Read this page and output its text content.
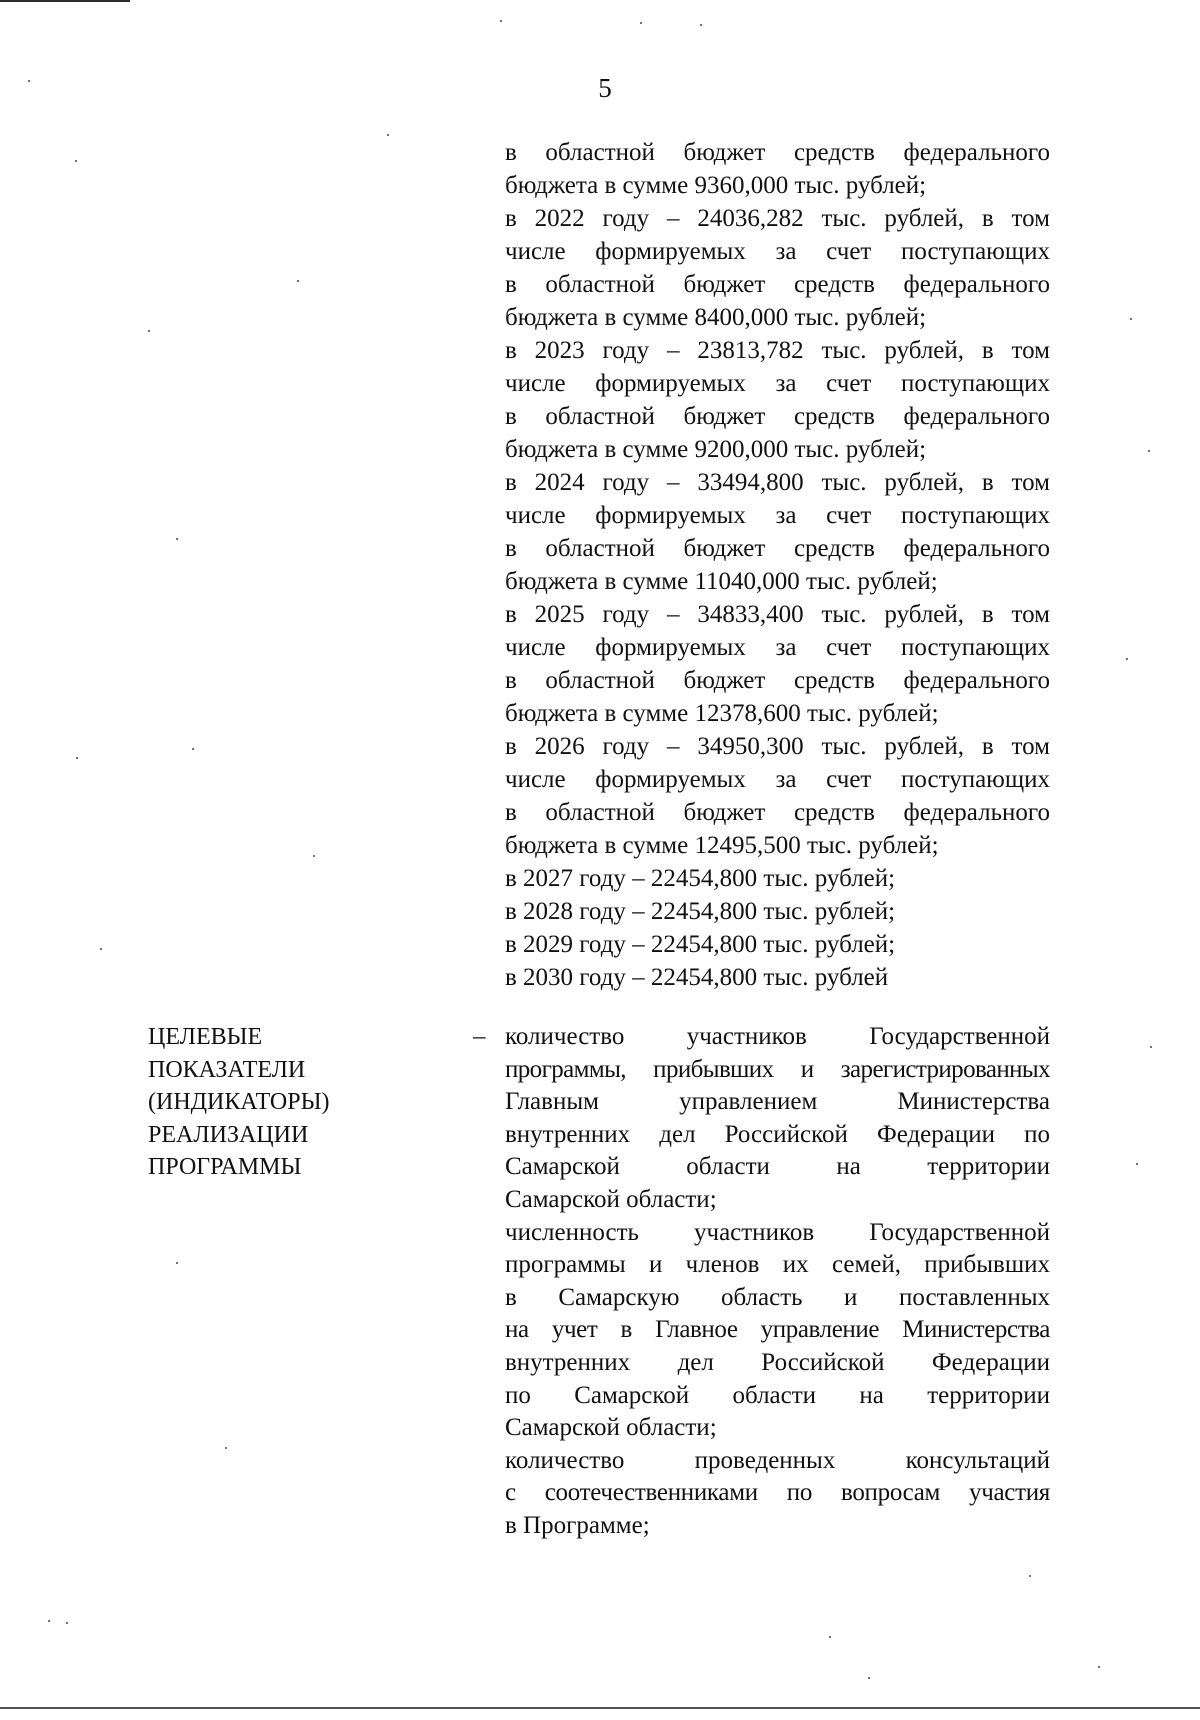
5
в областной бюджет средств федерального
бюджета в сумме 9360,000 тыс. рублей;
в 2022 году – 24036,282 тыс. рублей, в том
числе формируемых за счет поступающих
в областной бюджет средств федерального
бюджета в сумме 8400,000 тыс. рублей;
в 2023 году – 23813,782 тыс. рублей, в том
числе формируемых за счет поступающих
в областной бюджет средств федерального
бюджета в сумме 9200,000 тыс. рублей;
в 2024 году – 33494,800 тыс. рублей, в том
числе формируемых за счет поступающих
в областной бюджет средств федерального
бюджета в сумме 11040,000 тыс. рублей;
в 2025 году – 34833,400 тыс. рублей, в том
числе формируемых за счет поступающих
в областной бюджет средств федерального
бюджета в сумме 12378,600 тыс. рублей;
в 2026 году – 34950,300 тыс. рублей, в том
числе формируемых за счет поступающих
в областной бюджет средств федерального
бюджета в сумме 12495,500 тыс. рублей;
в 2027 году – 22454,800 тыс. рублей;
в 2028 году – 22454,800 тыс. рублей;
в 2029 году – 22454,800 тыс. рублей;
в 2030 году – 22454,800 тыс. рублей
ЦЕЛЕВЫЕ
ПОКАЗАТЕЛИ
(ИНДИКАТОРЫ)
РЕАЛИЗАЦИИ
ПРОГРАММЫ
– количество участников Государственной
программы, прибывших и зарегистрированных
Главным управлением Министерства
внутренних дел Российской Федерации по
Самарской области на территории
Самарской области;
численность участников Государственной
программы и членов их семей, прибывших
в Самарскую область и поставленных
на учет в Главное управление Министерства
внутренних дел Российской Федерации
по Самарской области на территории
Самарской области;
количество проведенных консультаций
с соотечественниками по вопросам участия
в Программе;
